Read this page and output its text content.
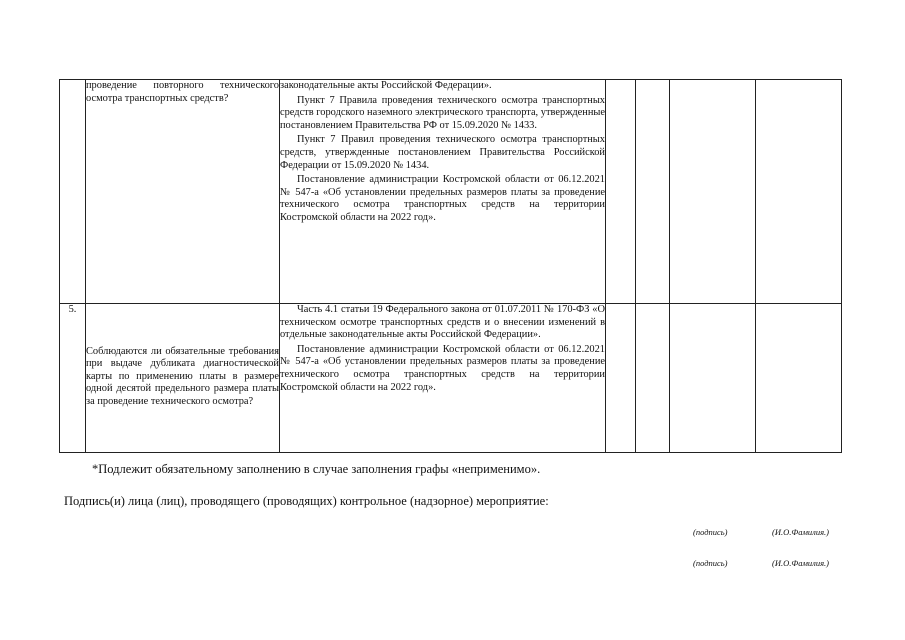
	проведение повторного технического осмотра транспортных средств?	законодательные акты Российской Федерации».
Пункт 7 Правила проведения технического осмотра транспортных средств городского наземного электрического транспорта, утвержденные постановлением Правительства РФ от 15.09.2020 № 1433.
Пункт 7 Правил проведения технического осмотра транспортных средств, утвержденные постановлением Правительства Российской Федерации от 15.09.2020 № 1434.
Постановление администрации Костромской области от 06.12.2021 № 547-а «Об установлении предельных размеров платы за проведение технического осмотра транспортных средств на территории Костромской области на 2022 год».				

5.	Соблюдаются ли обязательные требования при выдаче дубликата диагностической карты по применению платы в размере одной десятой предельного размера платы за проведение технического осмотра?	Часть 4.1 статьи 19 Федерального закона от 01.07.2011 № 170-ФЗ «О техническом осмотре транспортных средств и о внесении изменений в отдельные законодательные акты Российской Федерации».
Постановление администрации Костромской области от 06.12.2021 № 547-а «Об установлении предельных размеров платы за проведение технического осмотра транспортных средств на территории Костромской области на 2022 год».				

*Подлежит обязательному заполнению в случае заполнения графы «неприменимо».
Подпись(и) лица (лиц), проводящего (проводящих) контрольное (надзорное) мероприятие:
(подпись)	(И.О.Фамилия.)
(подпись)	(И.О.Фамилия.)
